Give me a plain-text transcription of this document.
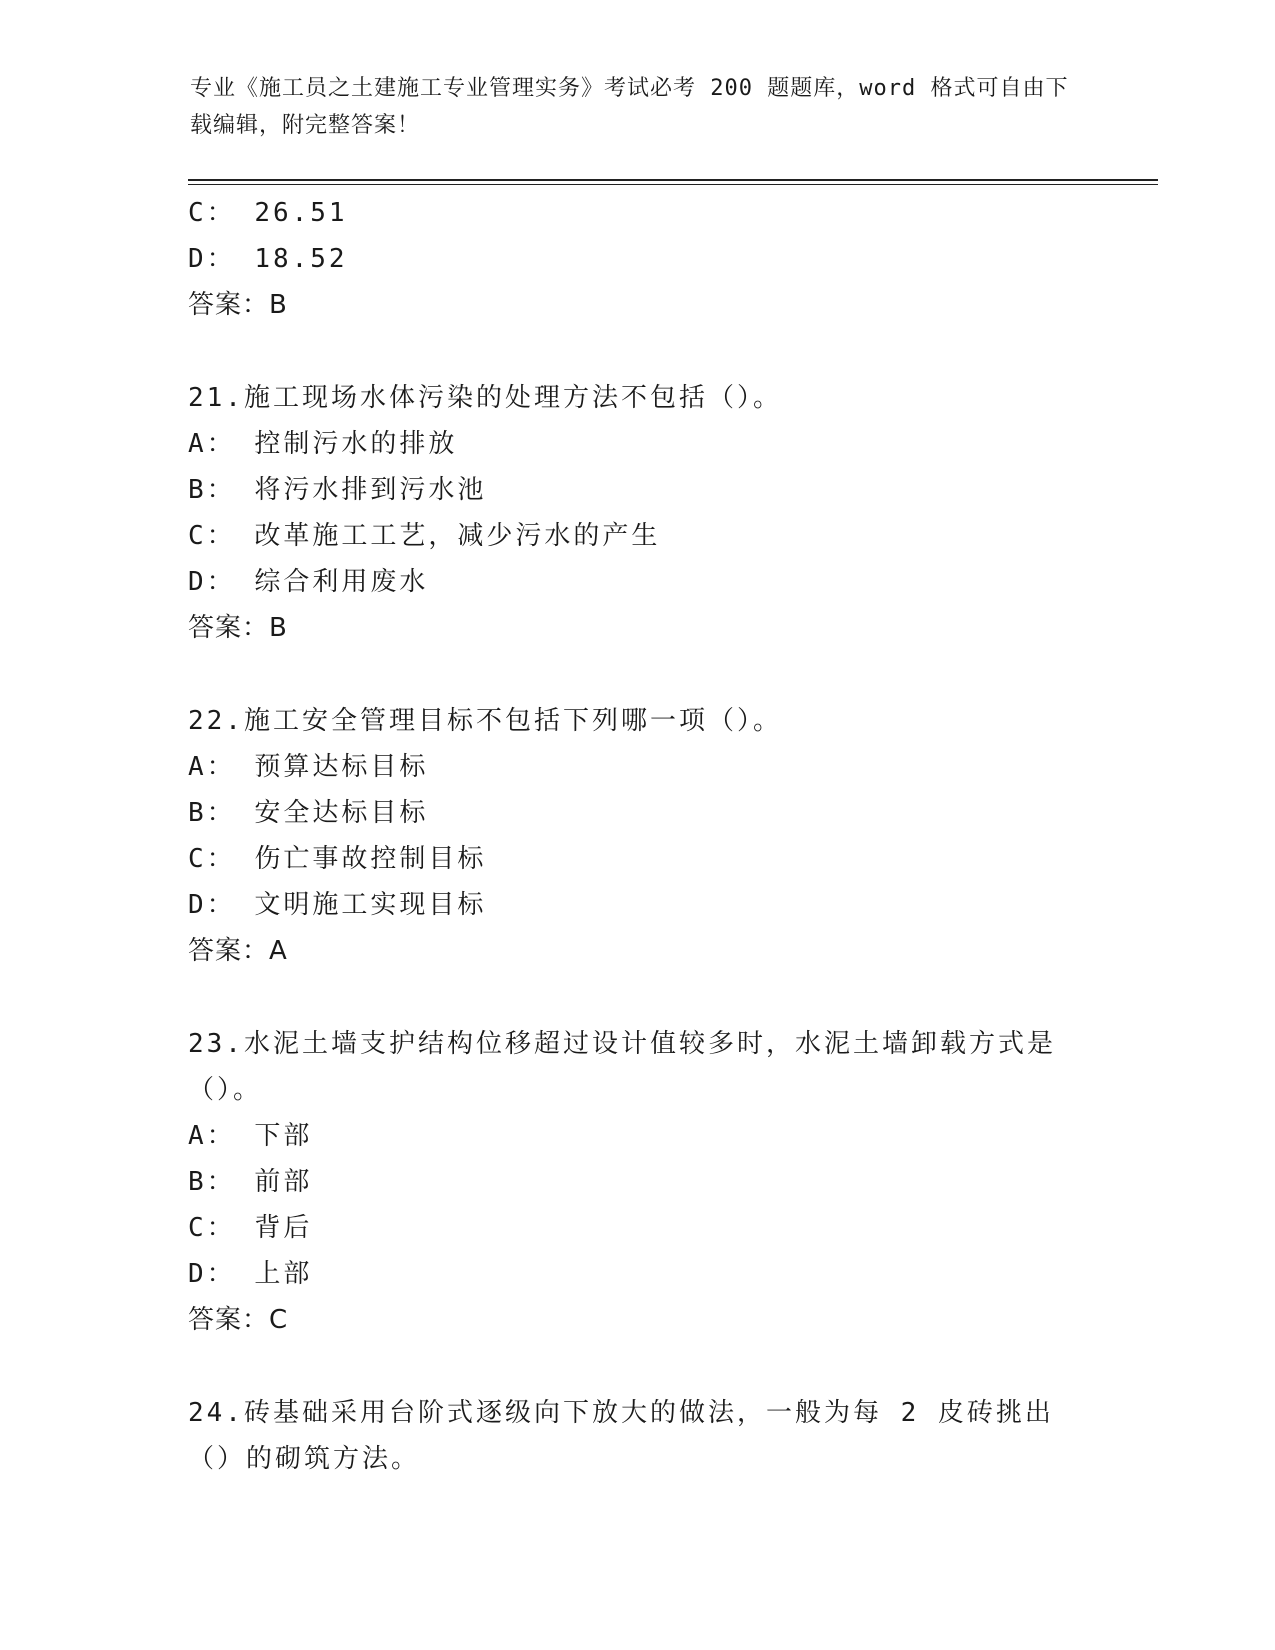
专业《施工员之土建施工专业管理实务》考试必考 200 题题库，word 格式可自由下载编辑，附完整答案！
C： 26.51
D： 18.52
答案：B
21.施工现场水体污染的处理方法不包括（）。
A： 控制污水的排放
B： 将污水排到污水池
C： 改革施工工艺，减少污水的产生
D： 综合利用废水
答案：B
22.施工安全管理目标不包括下列哪一项（）。
A： 预算达标目标
B： 安全达标目标
C： 伤亡事故控制目标
D： 文明施工实现目标
答案：A
23.水泥土墙支护结构位移超过设计值较多时，水泥土墙卸载方式是（）。
A： 下部
B： 前部
C： 背后
D： 上部
答案：C
24.砖基础采用台阶式逐级向下放大的做法，一般为每 2 皮砖挑出（）的砌筑方法。
